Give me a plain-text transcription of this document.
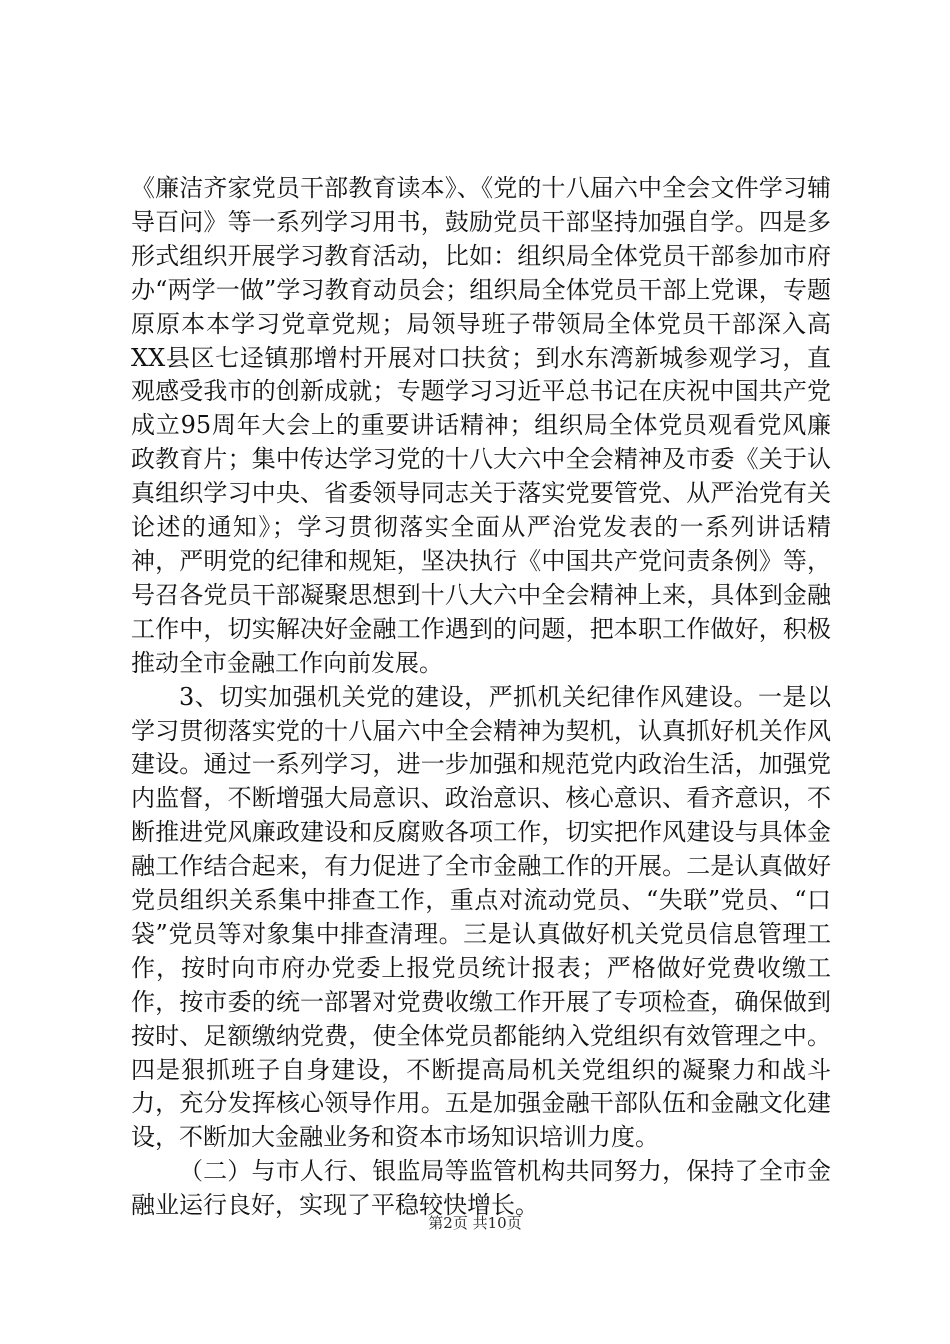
《廉洁齐家党员干部教育读本》、《党的十八届六中全会文件学习辅导百问》等一系列学习用书，鼓励党员干部坚持加强自学。四是多形式组织开展学习教育活动，比如：组织局全体党员干部参加市府办“两学一做”学习教育动员会；组织局全体党员干部上党课，专题原原本本学习党章党规；局领导班子带领局全体党员干部深入高XX县区七迳镇那增村开展对口扶贫；到水东湾新城参观学习，直观感受我市的创新成就；专题学习习近平总书记在庆祝中国共产党成立95周年大会上的重要讲话精神；组织局全体党员观看党风廉政教育片；集中传达学习党的十八大六中全会精神及市委《关于认真组织学习中央、省委领导同志关于落实党要管党、从严治党有关论述的通知》；学习贯彻落实全面从严治党发表的一系列讲话精神，严明党的纪律和规矩，坚决执行《中国共产党问责条例》等，号召各党员干部凝聚思想到十八大六中全会精神上来，具体到金融工作中，切实解决好金融工作遇到的问题，把本职工作做好，积极推动全市金融工作向前发展。

3、切实加强机关党的建设，严抓机关纪律作风建设。一是以学习贯彻落实党的十八届六中全会精神为契机，认真抓好机关作风建设。通过一系列学习，进一步加强和规范党内政治生活，加强党内监督，不断增强大局意识、政治意识、核心意识、看齐意识，不断推进党风廉政建设和反腐败各项工作，切实把作风建设与具体金融工作结合起来，有力促进了全市金融工作的开展。二是认真做好党员组织关系集中排查工作，重点对流动党员、“失联”党员、“口袋”党员等对象集中排查清理。三是认真做好机关党员信息管理工作，按时向市府办党委上报党员统计报表；严格做好党费收缴工作，按市委的统一部署对党费收缴工作开展了专项检查，确保做到按时、足额缴纳党费，使全体党员都能纳入党组织有效管理之中。四是狠抓班子自身建设，不断提高局机关党组织的凝聚力和战斗力，充分发挥核心领导作用。五是加强金融干部队伍和金融文化建设，不断加大金融业务和资本市场知识培训力度。

（二）与市人行、银监局等监管机构共同努力，保持了全市金融业运行良好，实现了平稳较快增长。

第2页 共10页
